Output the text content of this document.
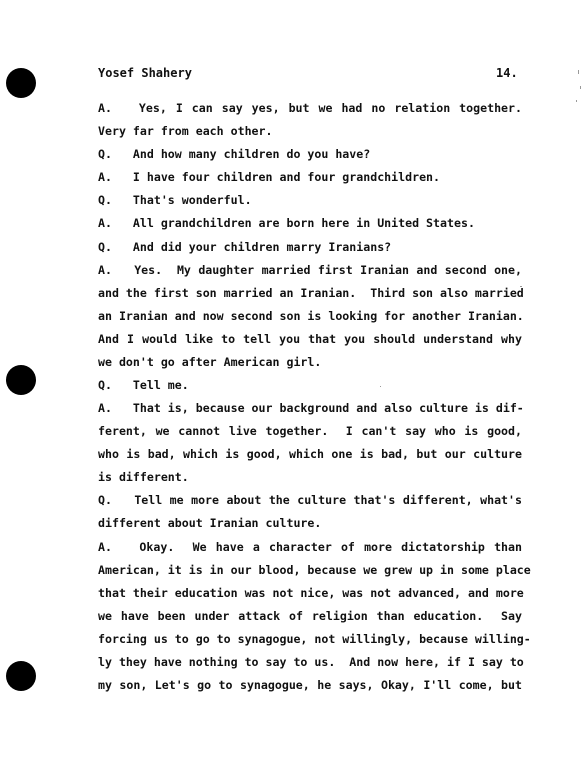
Yosef Shahery	14.
A.   Yes, I can say yes, but we had no relation together.
Very far from each other.
Q.   And how many children do you have?
A.   I have four children and four grandchildren.
Q.   That's wonderful.
A.   All grandchildren are born here in United States.
Q.   And did your children marry Iranians?
A.   Yes.  My daughter married first Iranian and second one,
and the first son married an Iranian.  Third son also married
an Iranian and now second son is looking for another Iranian.
And I would like to tell you that you should understand why
we don't go after American girl.
Q.   Tell me.
A.   That is, because our background and also culture is dif-
ferent, we cannot live together.  I can't say who is good,
who is bad, which is good, which one is bad, but our culture
is different.
Q.   Tell me more about the culture that's different, what's
different about Iranian culture.
A.   Okay.  We have a character of more dictatorship than
American, it is in our blood, because we grew up in some place
that their education was not nice, was not advanced, and more
we have been under attack of religion than education.  Say
forcing us to go to synagogue, not willingly, because willing-
ly they have nothing to say to us.  And now here, if I say to
my son, Let's go to synagogue, he says, Okay, I'll come, but
